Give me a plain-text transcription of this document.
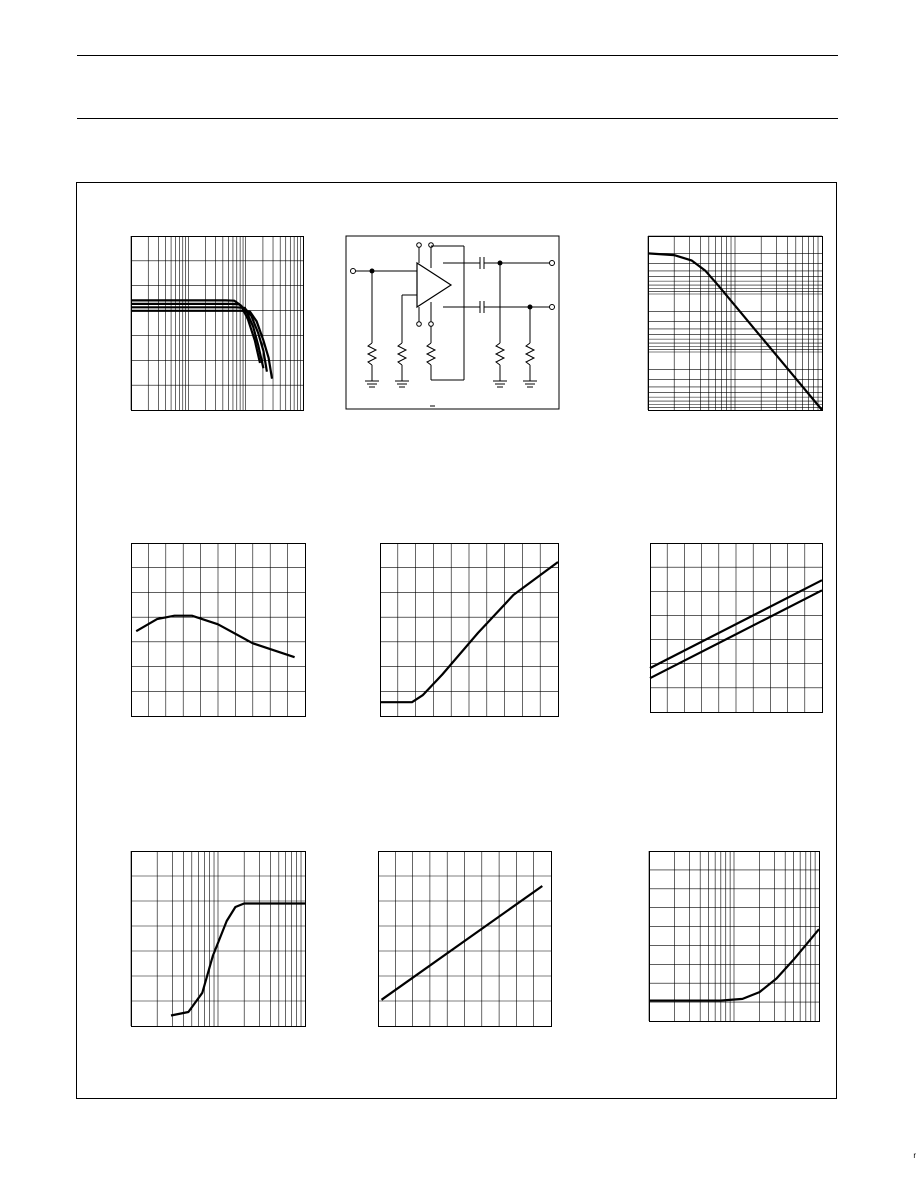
r
